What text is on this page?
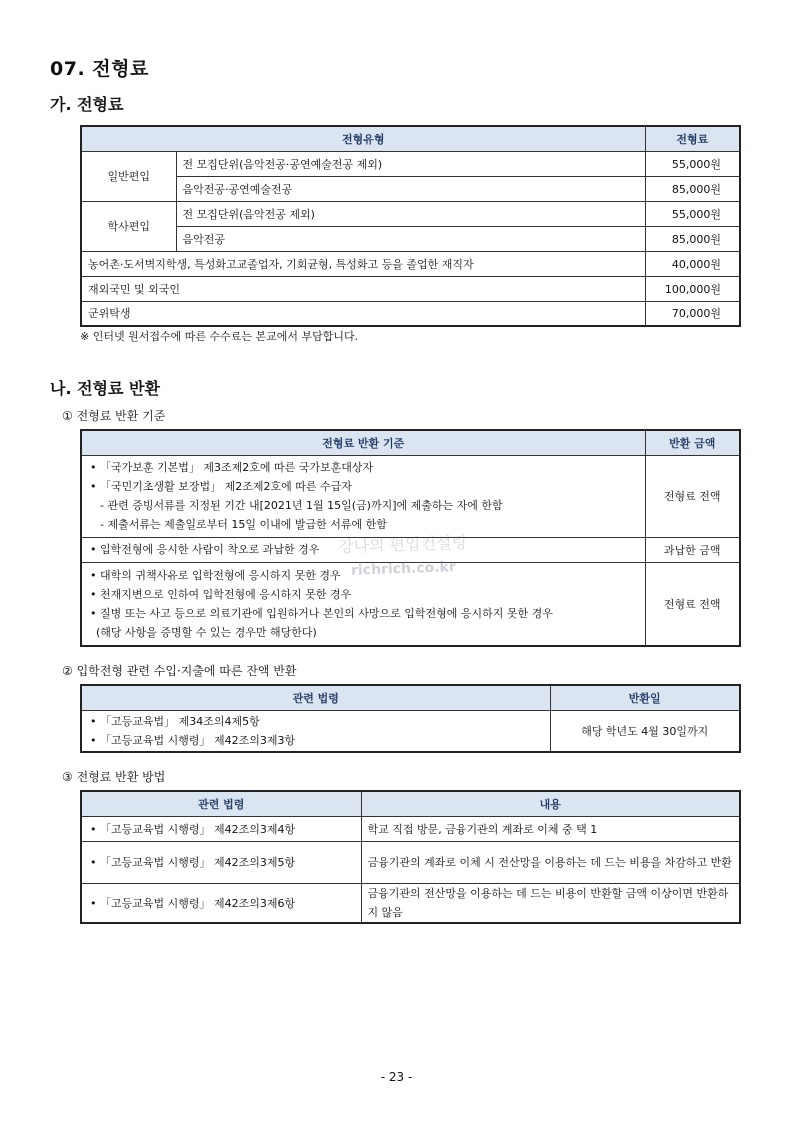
07. 전형료
가. 전형료
전형유형		전형료
일반편입	전 모집단위(음악전공·공연예술전공 제외)	55,000원
	음악전공·공연예술전공	85,000원
학사편입	전 모집단위(음악전공 제외)	55,000원
	음악전공	85,000원
농어촌·도서벽지학생, 특성화고교졸업자, 기회균형, 특성화고 등을 졸업한 재직자		40,000원
재외국민 및 외국인		100,000원
군위탁생		70,000원
※ 인터넷 원서접수에 따른 수수료는 본교에서 부담합니다.
나. 전형료 반환
① 전형료 반환 기준
전형료 반환 기준	반환 금액

• 「국가보훈 기본법」 제3조제2호에 따른 국가보훈대상자
• 「국민기초생활 보장법」 제2조제2호에 따른 수급자
- 관련 증빙서류를 지정된 기간 내[2021년 1월 15일(금)까지]에 제출하는 자에 한함
- 제출서류는 제출일로부터 15일 이내에 발급한 서류에 한함	전형료 전액

• 입학전형에 응시한 사람이 착오로 과납한 경우	과납한 금액

• 대학의 귀책사유로 입학전형에 응시하지 못한 경우
• 천재지변으로 인하여 입학전형에 응시하지 못한 경우
• 질병 또는 사고 등으로 의료기관에 입원하거나 본인의 사망으로 입학전형에 응시하지 못한 경우
(해당 사항을 증명할 수 있는 경우만 해당한다)	전형료 전액
강나의 편입컨설팅
richrich.co.kr
② 입학전형 관련 수입·지출에 따른 잔액 반환
관련 법령	반환일

• 「고등교육법」 제34조의4제5항
• 「고등교육법 시행령」 제42조의3제3항	해당 학년도 4월 30일까지
③ 전형료 반환 방법
관련 법령	내용
• 「고등교육법 시행령」 제42조의3제4항	학교 직접 방문, 금융기관의 계좌로 이체 중 택 1
• 「고등교육법 시행령」 제42조의3제5항	금융기관의 계좌로 이체 시 전산망을 이용하는 데 드는 비용을 차감하고 반환
• 「고등교육법 시행령」 제42조의3제6항	금융기관의 전산망을 이용하는 데 드는 비용이 반환할 금액 이상이면 반환하지 않음
- 23 -
